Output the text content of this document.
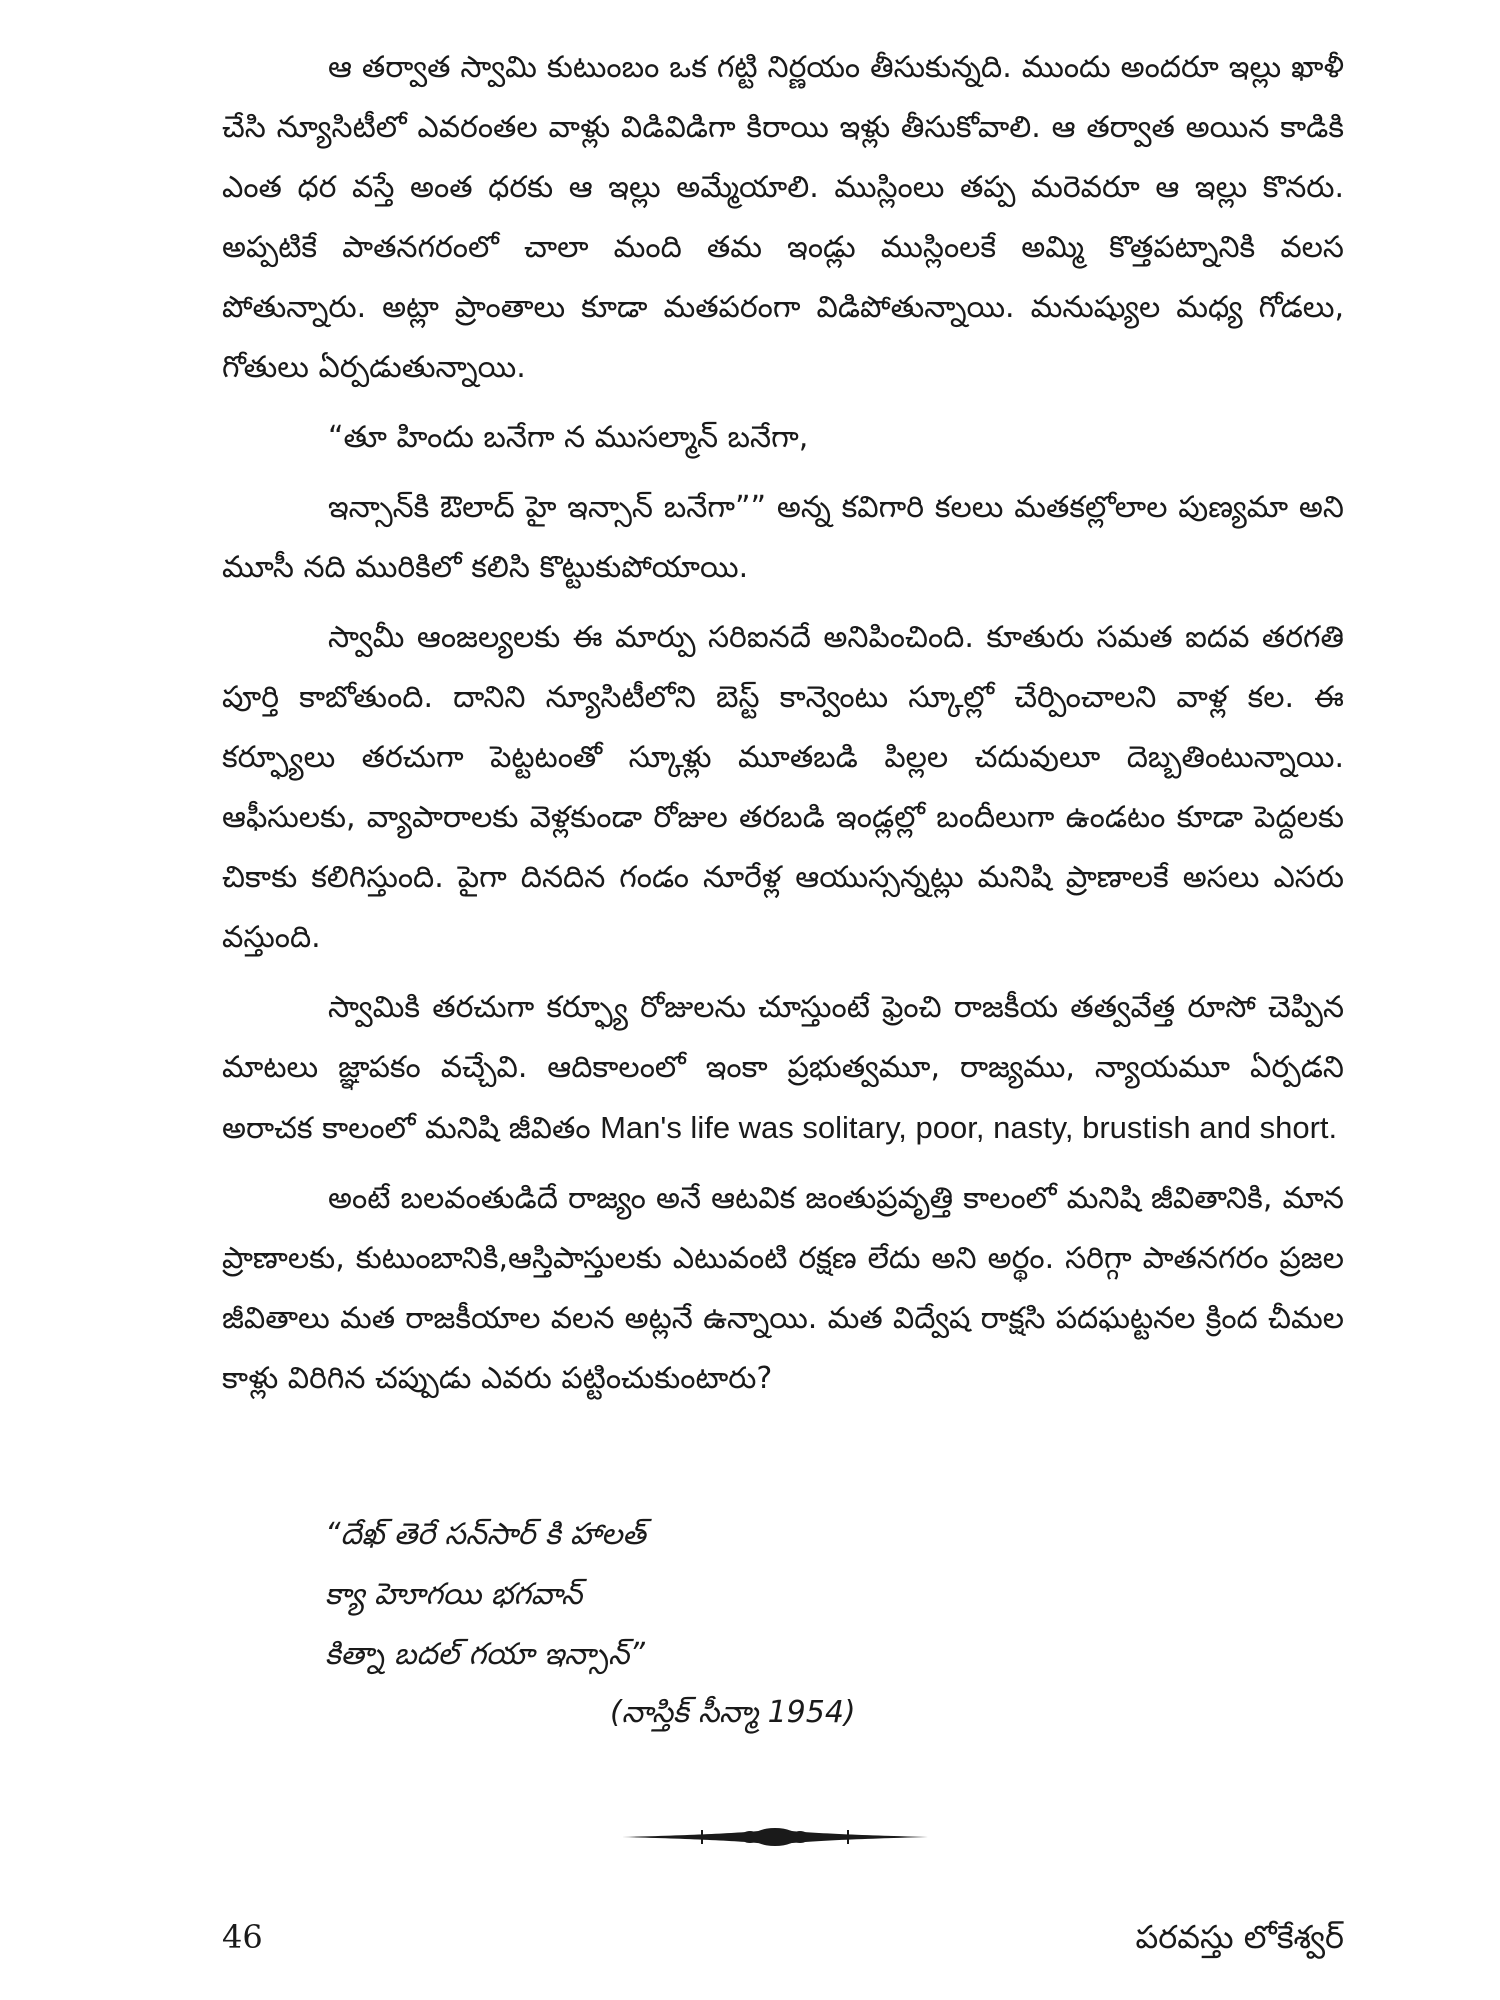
ఆ తర్వాత స్వామి కుటుంబం ఒక గట్టి నిర్ణయం తీసుకున్నది. ముందు అందరూ ఇల్లు ఖాళీ చేసి న్యూసిటీలో ఎవరంతల వాళ్లు విడివిడిగా కిరాయి ఇళ్లు తీసుకోవాలి. ఆ తర్వాత అయిన కాడికి ఎంత ధర వస్తే అంత ధరకు ఆ ఇల్లు అమ్మేయాలి. ముస్లింలు తప్ప మరెవరూ ఆ ఇల్లు కొనరు. అప్పటికే పాతనగరంలో చాలా మంది తమ ఇండ్లు ముస్లింలకే అమ్మి కొత్తపట్నానికి వలస పోతున్నారు. అట్లా ప్రాంతాలు కూడా మతపరంగా విడిపోతున్నాయి. మనుష్యుల మధ్య గోడలు, గోతులు ఏర్పడుతున్నాయి.

“తూ హిందు బనేగా న ముసల్మాన్ బనేగా,

ఇన్సాన్‌కి ఔలాద్ హై ఇన్సాన్ బనేగా”” అన్న కవిగారి కలలు మతకల్లోలాల పుణ్యమా అని మూసీ నది మురికిలో కలిసి కొట్టుకుపోయాయి.

స్వామీ ఆంజల్యలకు ఈ మార్పు సరిఐనదే అనిపించింది. కూతురు సమత ఐదవ తరగతి పూర్తి కాబోతుంది. దానిని న్యూసిటీలోని బెస్ట్ కాన్వెంటు స్కూల్లో చేర్పించాలని వాళ్ల కల. ఈ కర్ఫ్యూలు తరచుగా పెట్టటంతో స్కూళ్లు మూతబడి పిల్లల చదువులూ దెబ్బతింటున్నాయి. ఆఫీసులకు, వ్యాపారాలకు వెళ్లకుండా రోజుల తరబడి ఇండ్లల్లో బందీలుగా ఉండటం కూడా పెద్దలకు చికాకు కలిగిస్తుంది. పైగా దినదిన గండం నూరేళ్ల ఆయుస్సన్నట్లు మనిషి ప్రాణాలకే అసలు ఎసరు వస్తుంది.

స్వామికి తరచుగా కర్ఫ్యూ రోజులను చూస్తుంటే ఫ్రెంచి రాజకీయ తత్వవేత్త రూసో చెప్పిన మాటలు జ్ఞాపకం వచ్చేవి. ఆదికాలంలో ఇంకా ప్రభుత్వమూ, రాజ్యము, న్యాయమూ ఏర్పడని అరాచక కాలంలో మనిషి జీవితం Man's life was solitary, poor, nasty, brustish and short.

అంటే బలవంతుడిదే రాజ్యం అనే ఆటవిక జంతుప్రవృత్తి కాలంలో మనిషి జీవితానికి, మాన ప్రాణాలకు, కుటుంబానికి,ఆస్తిపాస్తులకు ఎటువంటి రక్షణ లేదు అని అర్థం. సరిగ్గా పాతనగరం ప్రజల జీవితాలు మత రాజకీయాల వలన అట్లనే ఉన్నాయి. మత విద్వేష రాక్షసి పదఘట్టనల క్రింద చీమల కాళ్లు విరిగిన చప్పుడు ఎవరు పట్టించుకుంటారు?

“దేఖ్ తెరే సన్‌సార్ కి హాలత్
క్యా హెూగయి భగవాన్
కిత్నా బదల్ గయా ఇన్సాన్”
(నాస్తిక్ సీన్మా 1954)
46	పరవస్తు లోకేశ్వర్
